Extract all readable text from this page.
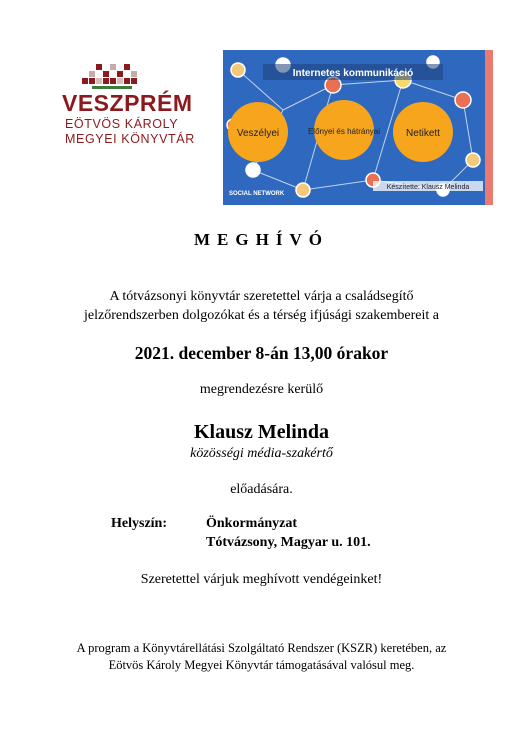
VESZPRÉM
EÖTVÖS KÁROLY
MEGYEI KÖNYVTÁR
Internetes kommunikáció
Veszélyei	Előnyei és hátrányai	Netikett
SOCIAL NETWORK
Készítette: Klausz Melinda
MEGHÍVÓ
A tótvázsonyi könyvtár szeretettel várja a családsegítő
jelzőrendszerben dolgozókat és a térség ifjúsági szakembereit a
2021. december 8-án 13,00 órakor
megrendezésre kerülő
Klausz Melinda
közösségi média-szakértő
előadására.
Helyszín:	Önkormányzat
Tótvázsony, Magyar u. 101.
Szeretettel várjuk meghívott vendégeinket!
A program a Könyvtárellátási Szolgáltató Rendszer (KSZR) keretében, az
Eötvös Károly Megyei Könyvtár támogatásával valósul meg.
